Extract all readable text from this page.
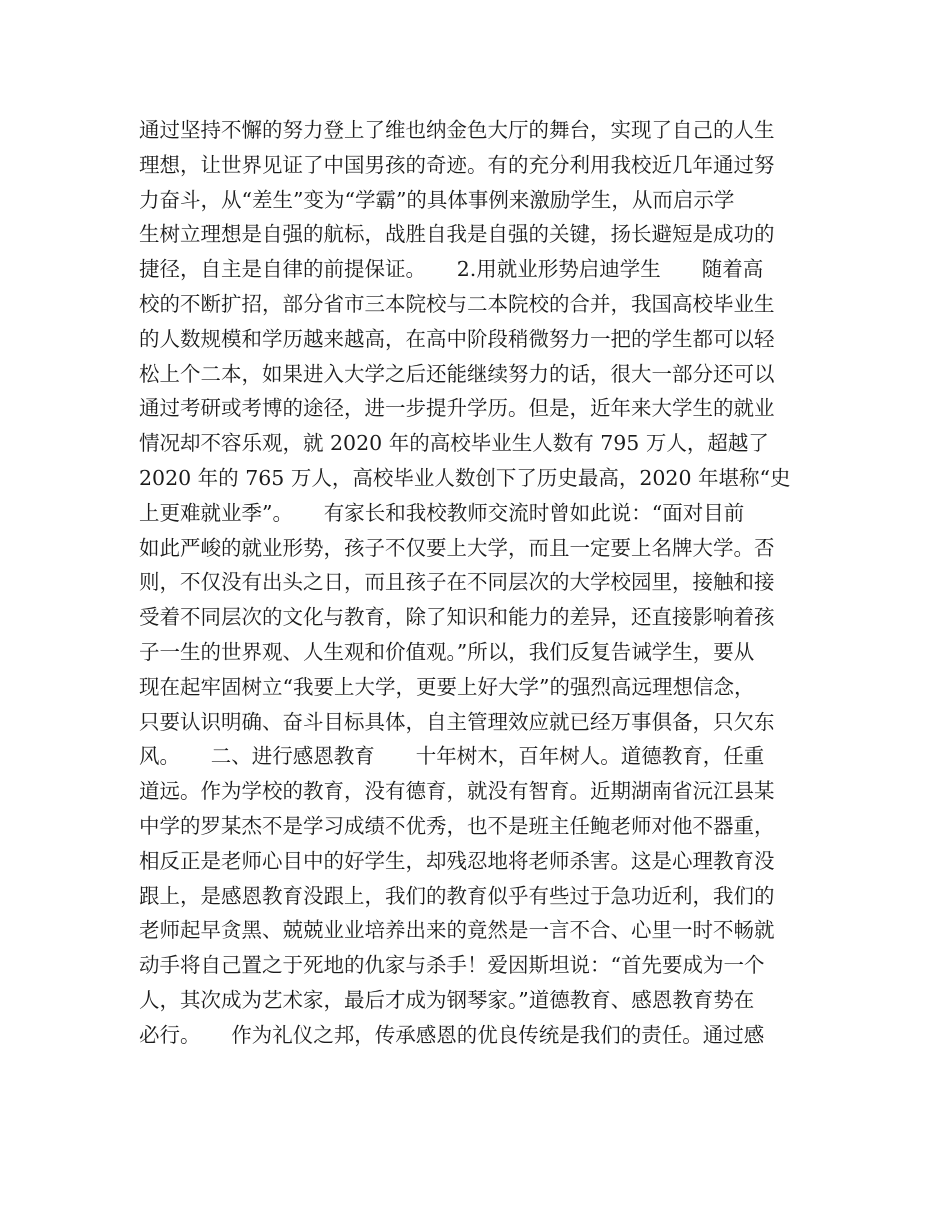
通过坚持不懈的努力登上了维也纳金色大厅的舞台，实现了自己的人生
理想，让世界见证了中国男孩的奇迹。有的充分利用我校近几年通过努
力奋斗，从“差生”变为“学霸”的具体事例来激励学生，从而启示学
生树立理想是自强的航标，战胜自我是自强的关键，扬长避短是成功的
捷径，自主是自律的前提保证。　　2.用就业形势启迪学生　　随着高
校的不断扩招，部分省市三本院校与二本院校的合并，我国高校毕业生
的人数规模和学历越来越高，在高中阶段稍微努力一把的学生都可以轻
松上个二本，如果进入大学之后还能继续努力的话，很大一部分还可以
通过考研或考博的途径，进一步提升学历。但是，近年来大学生的就业
情况却不容乐观，就 2020 年的高校毕业生人数有 795 万人，超越了
2020 年的 765 万人，高校毕业人数创下了历史最高，2020 年堪称“史
上更难就业季”。　　有家长和我校教师交流时曾如此说：“面对目前
如此严峻的就业形势，孩子不仅要上大学，而且一定要上名牌大学。否
则，不仅没有出头之日，而且孩子在不同层次的大学校园里，接触和接
受着不同层次的文化与教育，除了知识和能力的差异，还直接影响着孩
子一生的世界观、人生观和价值观。”所以，我们反复告诫学生，要从
现在起牢固树立“我要上大学，更要上好大学”的强烈高远理想信念，
只要认识明确、奋斗目标具体，自主管理效应就已经万事俱备，只欠东
风。　　二、进行感恩教育　　十年树木，百年树人。道德教育，任重
道远。作为学校的教育，没有德育，就没有智育。近期湖南省沅江县某
中学的罗某杰不是学习成绩不优秀，也不是班主任鲍老师对他不器重，
相反正是老师心目中的好学生，却残忍地将老师杀害。这是心理教育没
跟上，是感恩教育没跟上，我们的教育似乎有些过于急功近利，我们的
老师起早贪黑、兢兢业业培养出来的竟然是一言不合、心里一时不畅就
动手将自己置之于死地的仇家与杀手！爱因斯坦说：“首先要成为一个
人，其次成为艺术家，最后才成为钢琴家。”道德教育、感恩教育势在
必行。　　作为礼仪之邦，传承感恩的优良传统是我们的责任。通过感
